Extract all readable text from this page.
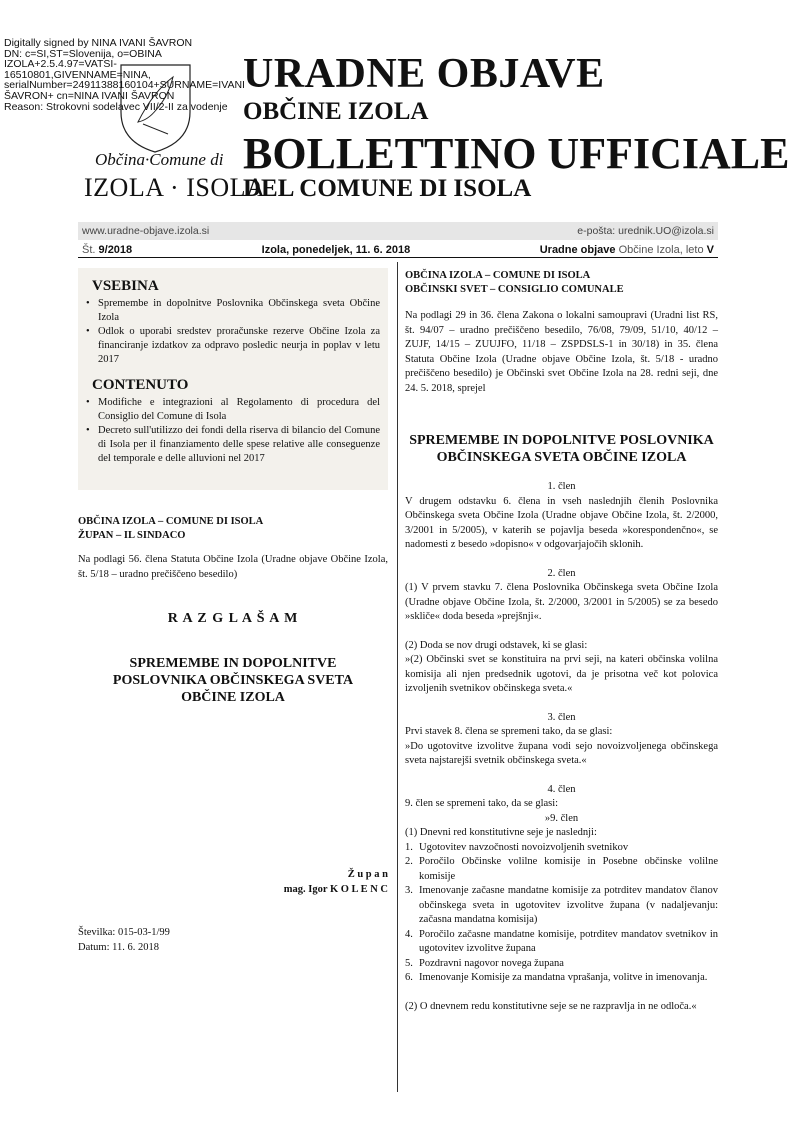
Digitally signed by NINA IVANI ŠAVRON
DN: c=SI,ST=Slovenija, o=OBINA
IZOLA+2.5.4.97=VATSI-
16510801,GIVENNAME=NINA,
serialNumber=24911388160104+SURNAME=IVANI
ŠAVRON+ cn=NINA IVANI ŠAVRON
Reason: Strokovni sodelavec VII/2-II za vodenje
Občina·Comune di
IZOLA · ISOLA
URADNE OBJAVE
OBČINE IZOLA
BOLLETTINO UFFICIALE
DEL COMUNE DI ISOLA
www.uradne-objave.izola.si	e-pošta: urednik.UO@izola.si
Št. 9/2018	Izola, ponedeljek, 11. 6. 2018	Uradne objave Občine Izola, leto V
VSEBINA
• Spremembe in dopolnitve Poslovnika Občinskega sveta Občine Izola
• Odlok o uporabi sredstev proračunske rezerve Občine Izola za financiranje izdatkov za odpravo posledic neurja in poplav v letu 2017
CONTENUTO
• Modifiche e integrazioni al Regolamento di procedura del Consiglio del Comune di Isola
• Decreto sull'utilizzo dei fondi della riserva di bilancio del Comune di Isola per il finanziamento delle spese relative alle conseguenze del temporale e delle alluvioni nel 2017
OBČINA IZOLA – COMUNE DI ISOLA
ŽUPAN – IL SINDACO

Na podlagi 56. člena Statuta Občine Izola (Uradne objave Občine Izola, št. 5/18 – uradno prečiščeno besedilo)

R A Z G L A Š A M
SPREMEMBE IN DOPOLNITVE POSLOVNIKA OBČINSKEGA SVETA OBČINE IZOLA
Ž u p a n
mag. Igor K O L E N C
Številka: 015-03-1/99
Datum: 11. 6. 2018
OBČINA IZOLA – COMUNE DI ISOLA
OBČINSKI SVET – CONSIGLIO COMUNALE

Na podlagi 29 in 36. člena Zakona o lokalni samoupravi (Uradni list RS, št. 94/07 – uradno prečiščeno besedilo, 76/08, 79/09, 51/10, 40/12 – ZUJF, 14/15 – ZUUJFO, 11/18 – ZSPDSLS-1 in 30/18) in 35. člena Statuta Občine Izola (Uradne objave Občine Izola, št. 5/18 - uradno prečiščeno besedilo) je Občinski svet Občine Izola na 28. redni seji, dne 24. 5. 2018, sprejel

SPREMEMBE IN DOPOLNITVE POSLOVNIKA OBČINSKEGA SVETA OBČINE IZOLA
1. člen

V drugem odstavku 6. člena in vseh naslednjih členih Poslovnika Občinskega sveta Občine Izola (Uradne objave Občine Izola, št. 2/2000, 3/2001 in 5/2005), v katerih se pojavlja beseda »korespondenčno«, se nadomesti z besedo »dopisno« v odgovarjajočih sklonih.

2. člen

(1) V prvem stavku 7. člena Poslovnika Občinskega sveta Občine Izola (Uradne objave Občine Izola, št. 2/2000, 3/2001 in 5/2005) se za besedo »skliče« doda beseda »prejšnji«.

(2) Doda se nov drugi odstavek, ki se glasi:

»(2) Občinski svet se konstituira na prvi seji, na kateri občinska volilna komisija ali njen predsednik ugotovi, da je prisotna več kot polovica izvoljenih svetnikov občinskega sveta.«

3. člen

Prvi stavek 8. člena se spremeni tako, da se glasi:

»Do ugotovitve izvolitve župana vodi sejo novoizvoljenega občinskega sveta najstarejši svetnik občinskega sveta.«

4. člen

9. člen se spremeni tako, da se glasi:

»9. člen

(1) Dnevni red konstitutivne seje je naslednji:

1. Ugotovitev navzočnosti novoizvoljenih svetnikov
2. Poročilo Občinske volilne komisije in Posebne občinske volilne komisije
3. Imenovanje začasne mandatne komisije za potrditev mandatov članov občinskega sveta in ugotovitev izvolitve župana (v nadaljevanju: začasna mandatna komisija)
4. Poročilo začasne mandatne komisije, potrditev mandatov svetnikov in ugotovitev izvolitve župana
5. Pozdravni nagovor novega župana
6. Imenovanje Komisije za mandatna vprašanja, volitve in imenovanja.

(2) O dnevnem redu konstitutivne seje se ne razpravlja in ne odloča.«
